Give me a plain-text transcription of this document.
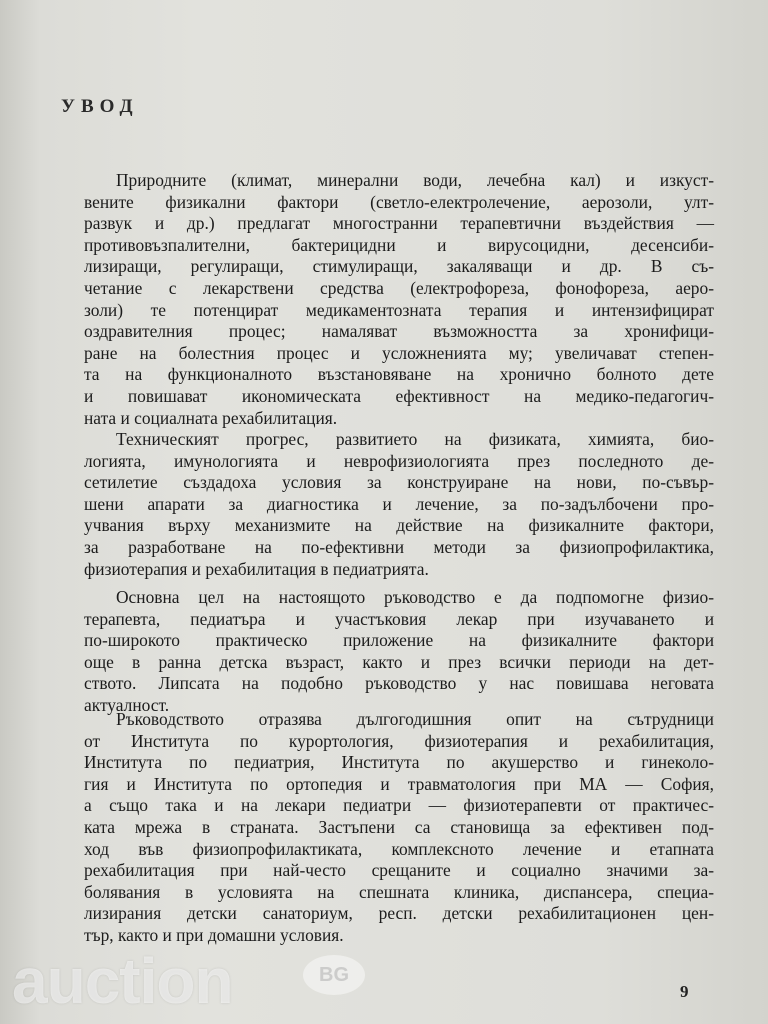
УВОД
Природните (климат, минерални води, лечебна кал) и изкуст-
вените физикални фактори (светло-електролечение, аерозоли, улт-
развук и др.) предлагат многостранни терапевтични въздействия —
противовъзпалителни, бактерицидни и вирусоцидни, десенсиби-
лизиращи, регулиращи, стимулиращи, закаляващи и др. В съ-
четание с лекарствени средства (електрофореза, фонофореза, аеро-
золи) те потенцират медикаментозната терапия и интензифицират
оздравителния процес; намаляват възможността за хронифици-
ране на болестния процес и усложненията му; увеличават степен-
та на функционалното възстановяване на хронично болното дете
и повишават икономическата ефективност на медико-педагогич-
ната и социалната рехабилитация.
Техническият прогрес, развитието на физиката, химията, био-
логията, имунологията и неврофизиологията през последното де-
сетилетие създадоха условия за конструиране на нови, по-съвър-
шени апарати за диагностика и лечение, за по-задълбочени про-
учвания върху механизмите на действие на физикалните фактори,
за разработване на по-ефективни методи за физиопрофилактика,
физиотерапия и рехабилитация в педиатрията.
Основна цел на настоящото ръководство е да подпомогне физио-
терапевта, педиатъра и участъковия лекар при изучаването и
по-широкото практическо приложение на физикалните фактори
още в ранна детска възраст, както и през всички периоди на дет-
ството. Липсата на подобно ръководство у нас повишава неговата
актуалност.
Ръководството отразява дългогодишния опит на сътрудници
от Института по курортология, физиотерапия и рехабилитация,
Института по педиатрия, Института по акушерство и гинеколо-
гия и Института по ортопедия и травматология при МА — София,
а също така и на лекари педиатри — физиотерапевти от практичес-
ката мрежа в страната. Застъпени са становища за ефективен под-
ход във физиопрофилактиката, комплексното лечение и етапната
рехабилитация при най-често срещаните и социално значими за-
болявания в условията на спешната клиника, диспансера, специа-
лизирания детски санаториум, респ. детски рехабилитационен цен-
тър, както и при домашни условия.
9
auction	BG
